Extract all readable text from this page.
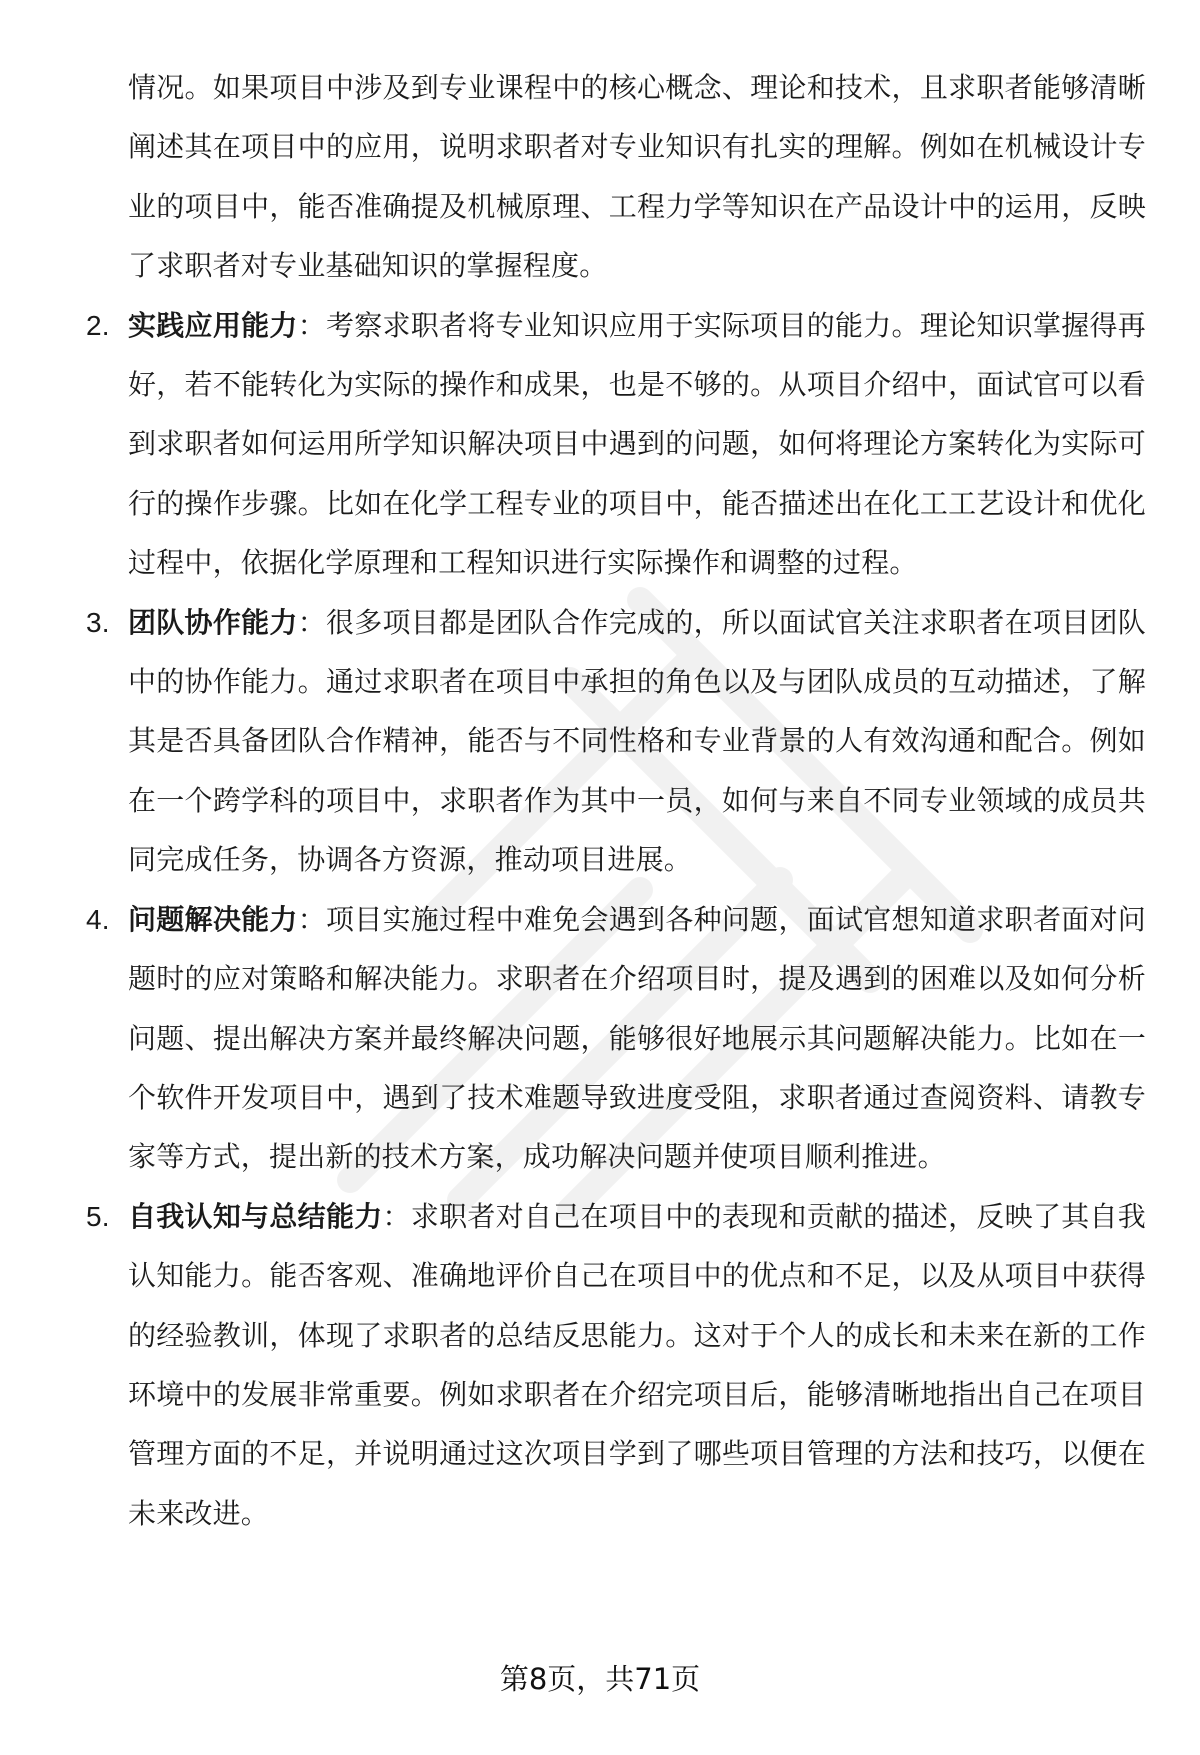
情况。如果项目中涉及到专业课程中的核心概念、理论和技术，且求职者能够清晰阐述其在项目中的应用，说明求职者对专业知识有扎实的理解。例如在机械设计专业的项目中，能否准确提及机械原理、工程力学等知识在产品设计中的运用，反映了求职者对专业基础知识的掌握程度。

2. 实践应用能力：考察求职者将专业知识应用于实际项目的能力。理论知识掌握得再好，若不能转化为实际的操作和成果，也是不够的。从项目介绍中，面试官可以看到求职者如何运用所学知识解决项目中遇到的问题，如何将理论方案转化为实际可行的操作步骤。比如在化学工程专业的项目中，能否描述出在化工工艺设计和优化过程中，依据化学原理和工程知识进行实际操作和调整的过程。

3. 团队协作能力：很多项目都是团队合作完成的，所以面试官关注求职者在项目团队中的协作能力。通过求职者在项目中承担的角色以及与团队成员的互动描述，了解其是否具备团队合作精神，能否与不同性格和专业背景的人有效沟通和配合。例如在一个跨学科的项目中，求职者作为其中一员，如何与来自不同专业领域的成员共同完成任务，协调各方资源，推动项目进展。

4. 问题解决能力：项目实施过程中难免会遇到各种问题，面试官想知道求职者面对问题时的应对策略和解决能力。求职者在介绍项目时，提及遇到的困难以及如何分析问题、提出解决方案并最终解决问题，能够很好地展示其问题解决能力。比如在一个软件开发项目中，遇到了技术难题导致进度受阻，求职者通过查阅资料、请教专家等方式，提出新的技术方案，成功解决问题并使项目顺利推进。

5. 自我认知与总结能力：求职者对自己在项目中的表现和贡献的描述，反映了其自我认知能力。能否客观、准确地评价自己在项目中的优点和不足，以及从项目中获得的经验教训，体现了求职者的总结反思能力。这对于个人的成长和未来在新的工作环境中的发展非常重要。例如求职者在介绍完项目后，能够清晰地指出自己在项目管理方面的不足，并说明通过这次项目学到了哪些项目管理的方法和技巧，以便在未来改进。

第8页，共71页
